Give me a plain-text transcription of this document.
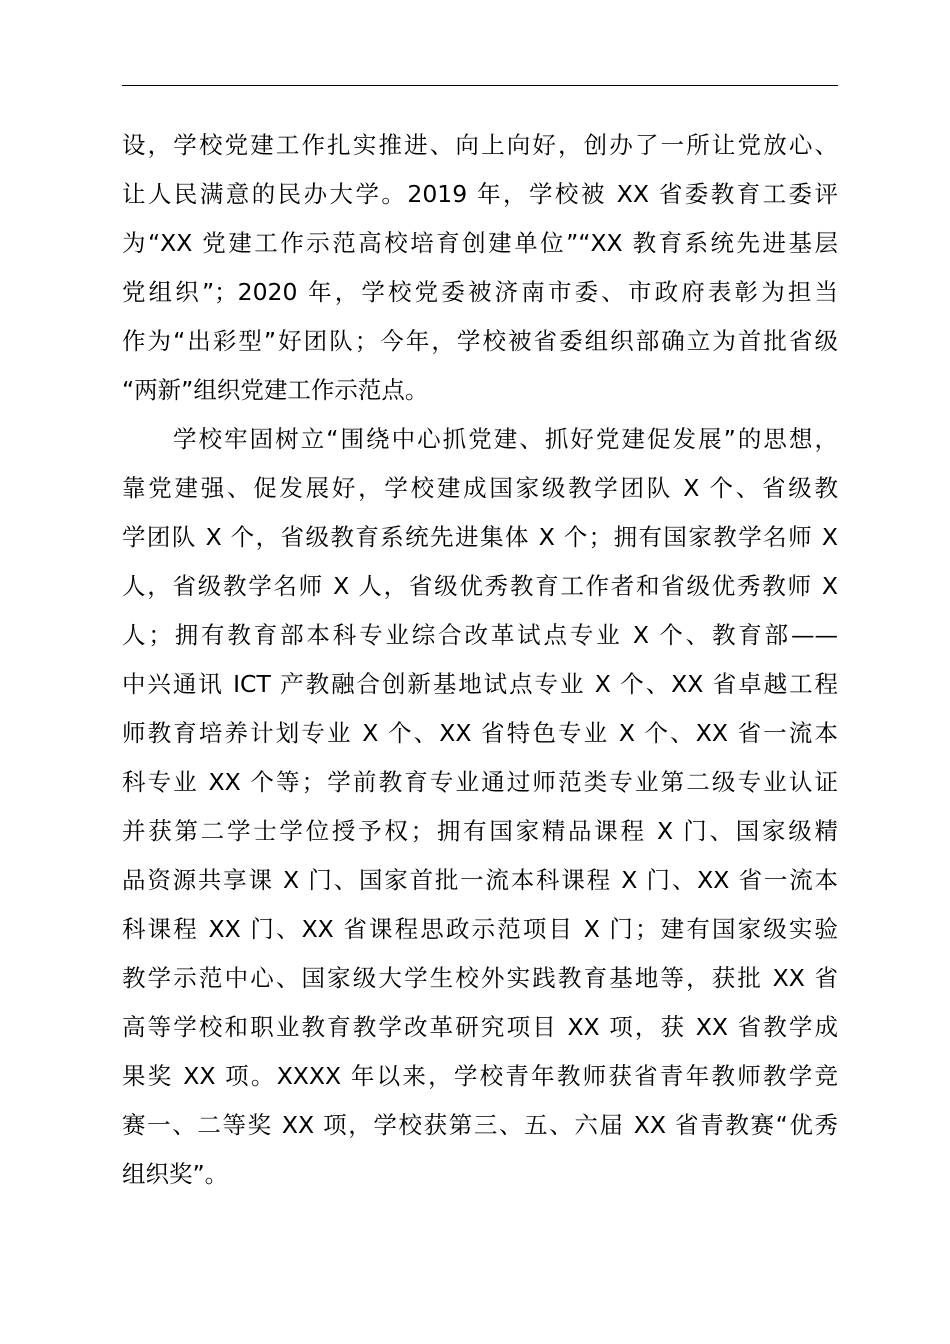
设，学校党建工作扎实推进、向上向好，创办了一所让党放心、
让人民满意的民办大学。2019 年，学校被 XX 省委教育工委评
为“XX 党建工作示范高校培育创建单位”“XX 教育系统先进基层
党组织”；2020 年，学校党委被济南市委、市政府表彰为担当
作为“出彩型”好团队；今年，学校被省委组织部确立为首批省级
“两新”组织党建工作示范点。
学校牢固树立“围绕中心抓党建、抓好党建促发展”的思想，
靠党建强、促发展好，学校建成国家级教学团队 X 个、省级教
学团队 X 个，省级教育系统先进集体 X 个；拥有国家教学名师 X
人，省级教学名师 X 人，省级优秀教育工作者和省级优秀教师 X
人；拥有教育部本科专业综合改革试点专业 X 个、教育部——
中兴通讯 ICT 产教融合创新基地试点专业 X 个、XX 省卓越工程
师教育培养计划专业 X 个、XX 省特色专业 X 个、XX 省一流本
科专业 XX 个等；学前教育专业通过师范类专业第二级专业认证
并获第二学士学位授予权；拥有国家精品课程 X 门、国家级精
品资源共享课 X 门、国家首批一流本科课程 X 门、XX 省一流本
科课程 XX 门、XX 省课程思政示范项目 X 门；建有国家级实验
教学示范中心、国家级大学生校外实践教育基地等，获批 XX 省
高等学校和职业教育教学改革研究项目 XX 项，获 XX 省教学成
果奖 XX 项。XXXX 年以来，学校青年教师获省青年教师教学竞
赛一、二等奖 XX 项，学校获第三、五、六届 XX 省青教赛“优秀
组织奖”。
